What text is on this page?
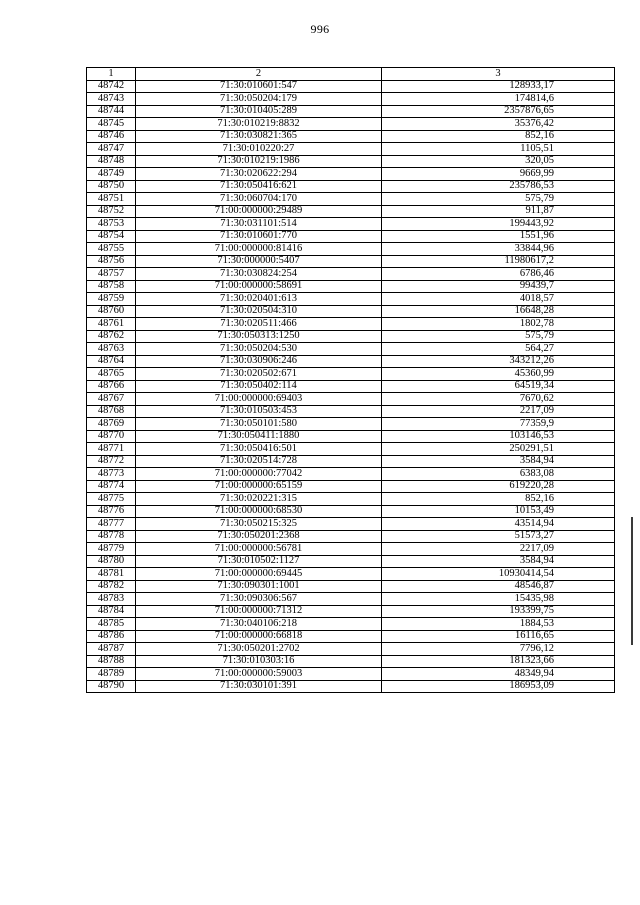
996
1	2	3
48742	71:30:010601:547	128933,17
48743	71:30:050204:179	174814,6
48744	71:30:010405:289	2357876,65
48745	71:30:010219:8832	35376,42
48746	71:30:030821:365	852,16
48747	71:30:010220:27	1105,51
48748	71:30:010219:1986	320,05
48749	71:30:020622:294	9669,99
48750	71:30:050416:621	235786,53
48751	71:30:060704:170	575,79
48752	71:00:000000:29489	911,87
48753	71:30:031101:514	199443,92
48754	71:30:010601:770	1551,96
48755	71:00:000000:81416	33844,96
48756	71:30:000000:5407	11980617,2
48757	71:30:030824:254	6786,46
48758	71:00:000000:58691	99439,7
48759	71:30:020401:613	4018,57
48760	71:30:020504:310	16648,28
48761	71:30:020511:466	1802,78
48762	71:30:050313:1250	575,79
48763	71:30:050204:530	564,27
48764	71:30:030906:246	343212,26
48765	71:30:020502:671	45360,99
48766	71:30:050402:114	64519,34
48767	71:00:000000:69403	7670,62
48768	71:30:010503:453	2217,09
48769	71:30:050101:580	77359,9
48770	71:30:050411:1880	103146,53
48771	71:30:050416:501	250291,51
48772	71:30:020514:728	3584,94
48773	71:00:000000:77042	6383,08
48774	71:00:000000:65159	619220,28
48775	71:30:020221:315	852,16
48776	71:00:000000:68530	10153,49
48777	71:30:050215:325	43514,94
48778	71:30:050201:2368	51573,27
48779	71:00:000000:56781	2217,09
48780	71:30:010502:1127	3584,94
48781	71:00:000000:69445	10930414,54
48782	71:30:090301:1001	48546,87
48783	71:30:090306:567	15435,98
48784	71:00:000000:71312	193399,75
48785	71:30:040106:218	1884,53
48786	71:00:000000:66818	16116,65
48787	71:30:050201:2702	7796,12
48788	71:30:010303:16	181323,66
48789	71:00:000000:59003	48349,94
48790	71:30:030101:391	186953,09
